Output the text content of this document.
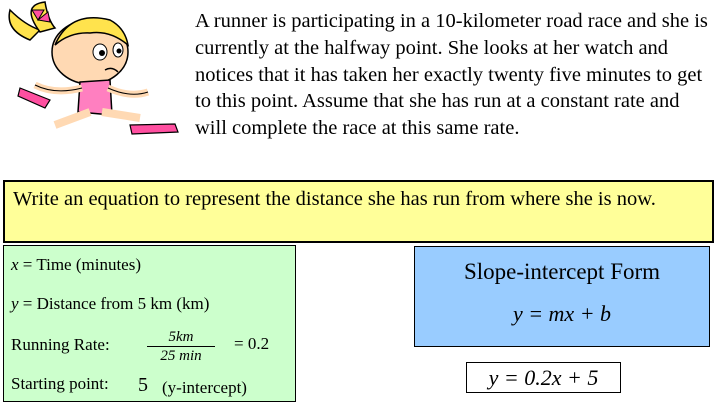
A runner is participating in a 10-kilometer road race and she is currently at the halfway point. She looks at her watch and notices that it has taken her exactly twenty five minutes to get to this point. Assume that she has run at a constant rate and will complete the race at this same rate.
Write an equation to represent the distance she has run from where she is now.
x = Time (minutes)
y = Distance from 5 km (km)
Running Rate:	5km
25 min
= 0.2
Starting point: 5 (y-intercept)
Slope-intercept Form
y = mx + b
y = 0.2x + 5
